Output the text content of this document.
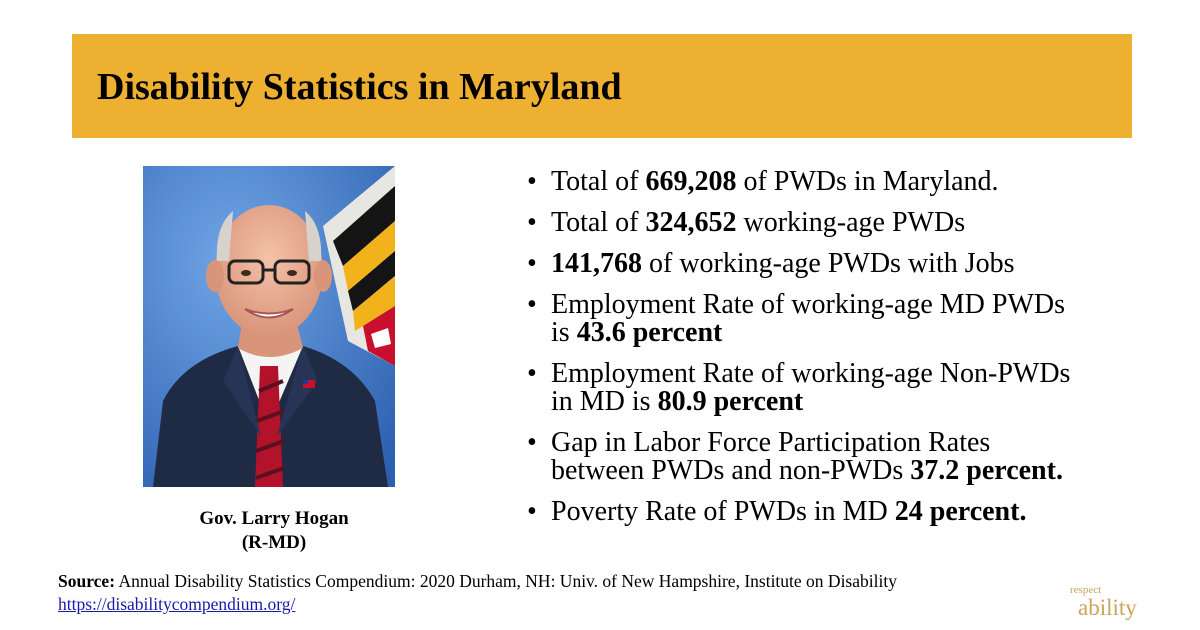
Disability Statistics in Maryland
Gov. Larry Hogan
(R-MD)
• Total of 669,208 of PWDs in Maryland.
• Total of 324,652 working-age PWDs
• 141,768 of working-age PWDs with Jobs
• Employment Rate of working-age MD PWDs is 43.6 percent
• Employment Rate of working-age Non-PWDs in MD is 80.9 percent
• Gap in Labor Force Participation Rates between PWDs and non-PWDs 37.2 percent.
• Poverty Rate of PWDs in MD 24 percent.
Source: Annual Disability Statistics Compendium: 2020 Durham, NH: Univ. of New Hampshire, Institute on Disability
https://disabilitycompendium.org/
respect
ability
